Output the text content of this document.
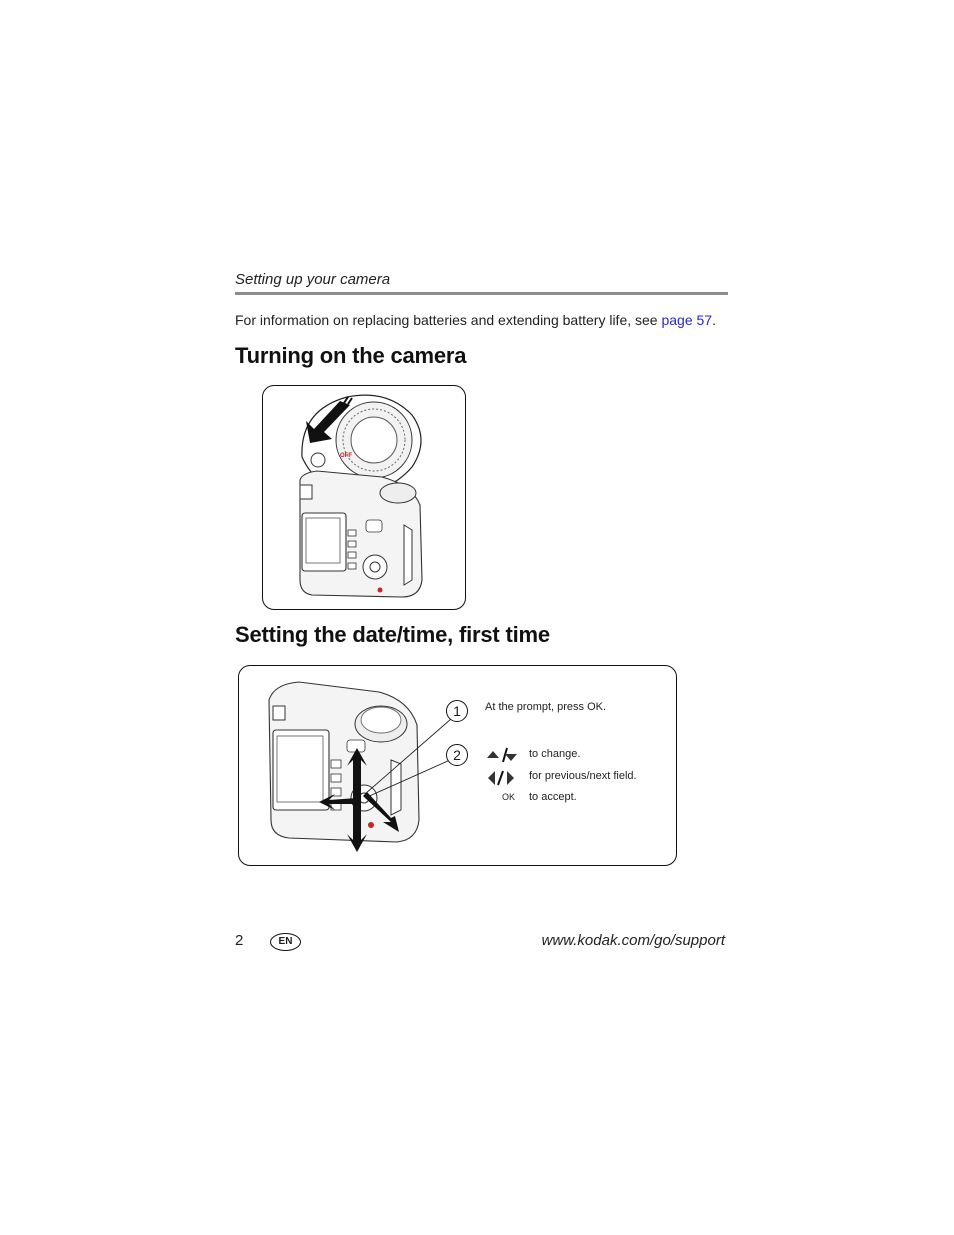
Setting up your camera
For information on replacing batteries and extending battery life, see page 57.
Turning on the camera
OFF
Setting the date/time, first time
1	At the prompt, press OK.
2	to change.
for previous/next field.
OK to accept.
2	EN	www.kodak.com/go/support
